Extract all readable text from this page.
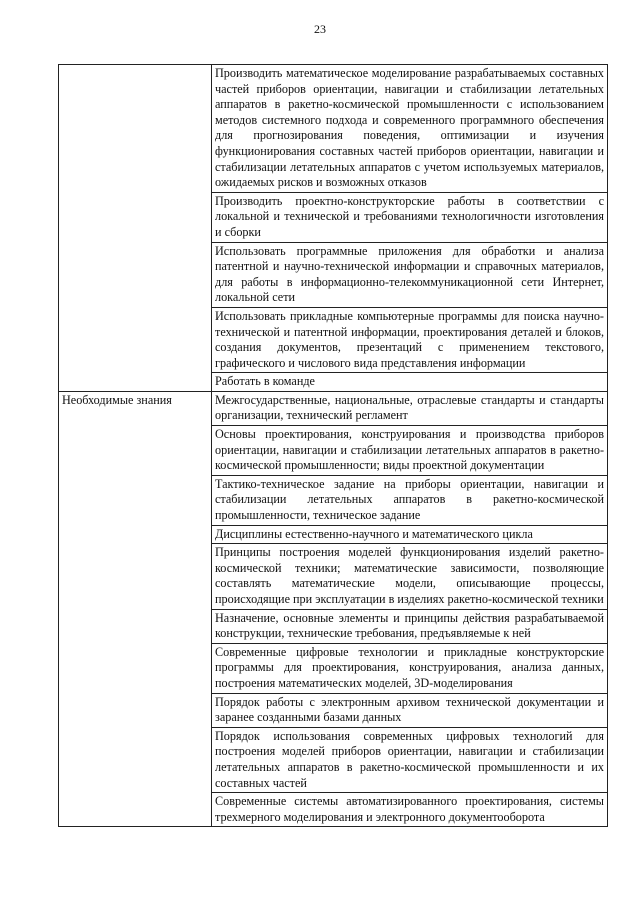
23

	Производить математическое моделирование разрабатываемых составных частей приборов ориентации, навигации и стабилизации летательных аппаратов в ракетно-космической промышленности с использованием методов системного подхода и современного программного обеспечения для прогнозирования поведения, оптимизации и изучения функционирования составных частей приборов ориентации, навигации и стабилизации летательных аппаратов с учетом используемых материалов, ожидаемых рисков и возможных отказов

	Производить проектно-конструкторские работы в соответствии с локальной и технической и требованиями технологичности изготовления и сборки

	Использовать программные приложения для обработки и анализа патентной и научно-технической информации и справочных материалов, для работы в информационно-телекоммуникационной сети Интернет, локальной сети

	Использовать прикладные компьютерные программы для поиска научно-технической и патентной информации, проектирования деталей и блоков, создания документов, презентаций с применением текстового, графического и числового вида представления информации

	Работать в команде

Необходимые знания	Межгосударственные, национальные, отраслевые стандарты и стандарты организации, технический регламент

	Основы проектирования, конструирования и производства приборов ориентации, навигации и стабилизации летательных аппаратов в ракетно-космической промышленности; виды проектной документации

	Тактико-техническое задание на приборы ориентации, навигации и стабилизации летательных аппаратов в ракетно-космической промышленности, техническое задание

	Дисциплины естественно-научного и математического цикла

	Принципы построения моделей функционирования изделий ракетно-космической техники; математические зависимости, позволяющие составлять математические модели, описывающие процессы, происходящие при эксплуатации в изделиях ракетно-космической техники

	Назначение, основные элементы и принципы действия разрабатываемой конструкции, технические требования, предъявляемые к ней

	Современные цифровые технологии и прикладные конструкторские программы для проектирования, конструирования, анализа данных, построения математических моделей, 3D-моделирования

	Порядок работы с электронным архивом технической документации и заранее созданными базами данных

	Порядок использования современных цифровых технологий для построения моделей приборов ориентации, навигации и стабилизации летательных аппаратов в ракетно-космической промышленности и их составных частей

	Современные системы автоматизированного проектирования, системы трехмерного моделирования и электронного документооборота
